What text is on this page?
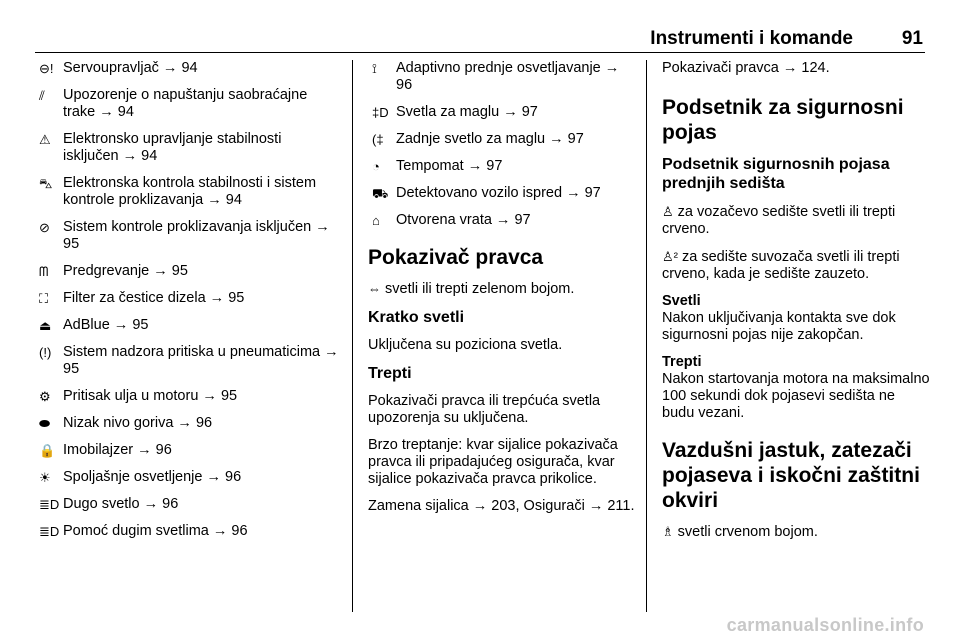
Instrumenti i komande	91
⊖! Servoupravljač → 94
⫽	Upozorenje o napuštanju saobraćajne trake → 94
⚠ Elektronsko upravljanje stabilnosti isključen → 94
⛍ Elektronska kontrola stabilnosti i sistem kontrole proklizavanja → 94
⊘ Sistem kontrole proklizavanja isključen → 95
ᗰ	Predgrevanje → 95
⛶	Filter za čestice dizela → 95
⏏ AdBlue → 95
(!) Sistem nadzora pritiska u pneumaticima → 95
⚙ Pritisak ulja u motoru → 95
⬬ Nizak nivo goriva → 96
🔒 Imobilajzer → 96
☀ Spoljašnje osvetljenje → 96
≣D Dugo svetlo → 96
≣D Pomoć dugim svetlima → 96
⟟	Adaptivno prednje osvetljavanje → 96
‡D Svetla za maglu → 97
(‡ Zadnje svetlo za maglu → 97
◔	Tempomat → 97
⛟ Detektovano vozilo ispred → 97
⌂	Otvorena vrata → 97
Pokazivač pravca
⇔ svetli ili trepti zelenom bojom.
Kratko svetli
Uključena su poziciona svetla.
Trepti
Pokazivači pravca ili trepćuća svetla upozorenja su uključena.
Brzo treptanje: kvar sijalice pokazivača pravca ili pripadajućeg osigurača, kvar sijalice pokazivača pravca prikolice.
Zamena sijalica → 203, Osigurači → 211.
Pokazivači pravca → 124.
Podsetnik za sigurnosni pojas
Podsetnik sigurnosnih pojasa prednjih sedišta
♙ za vozačevo sedište svetli ili trepti crveno.
♙² za sedište suvozača svetli ili trepti crveno, kada je sedište zauzeto.
Svetli
Nakon uključivanja kontakta sve dok sigurnosni pojas nije zakopčan.
Trepti
Nakon startovanja motora na maksimalno 100 sekundi dok pojasevi sedišta ne budu vezani.
Vazdušni jastuk, zatezači pojaseva i iskočni zaštitni okviri
♗ svetli crvenom bojom.
carmanualsonline.info
